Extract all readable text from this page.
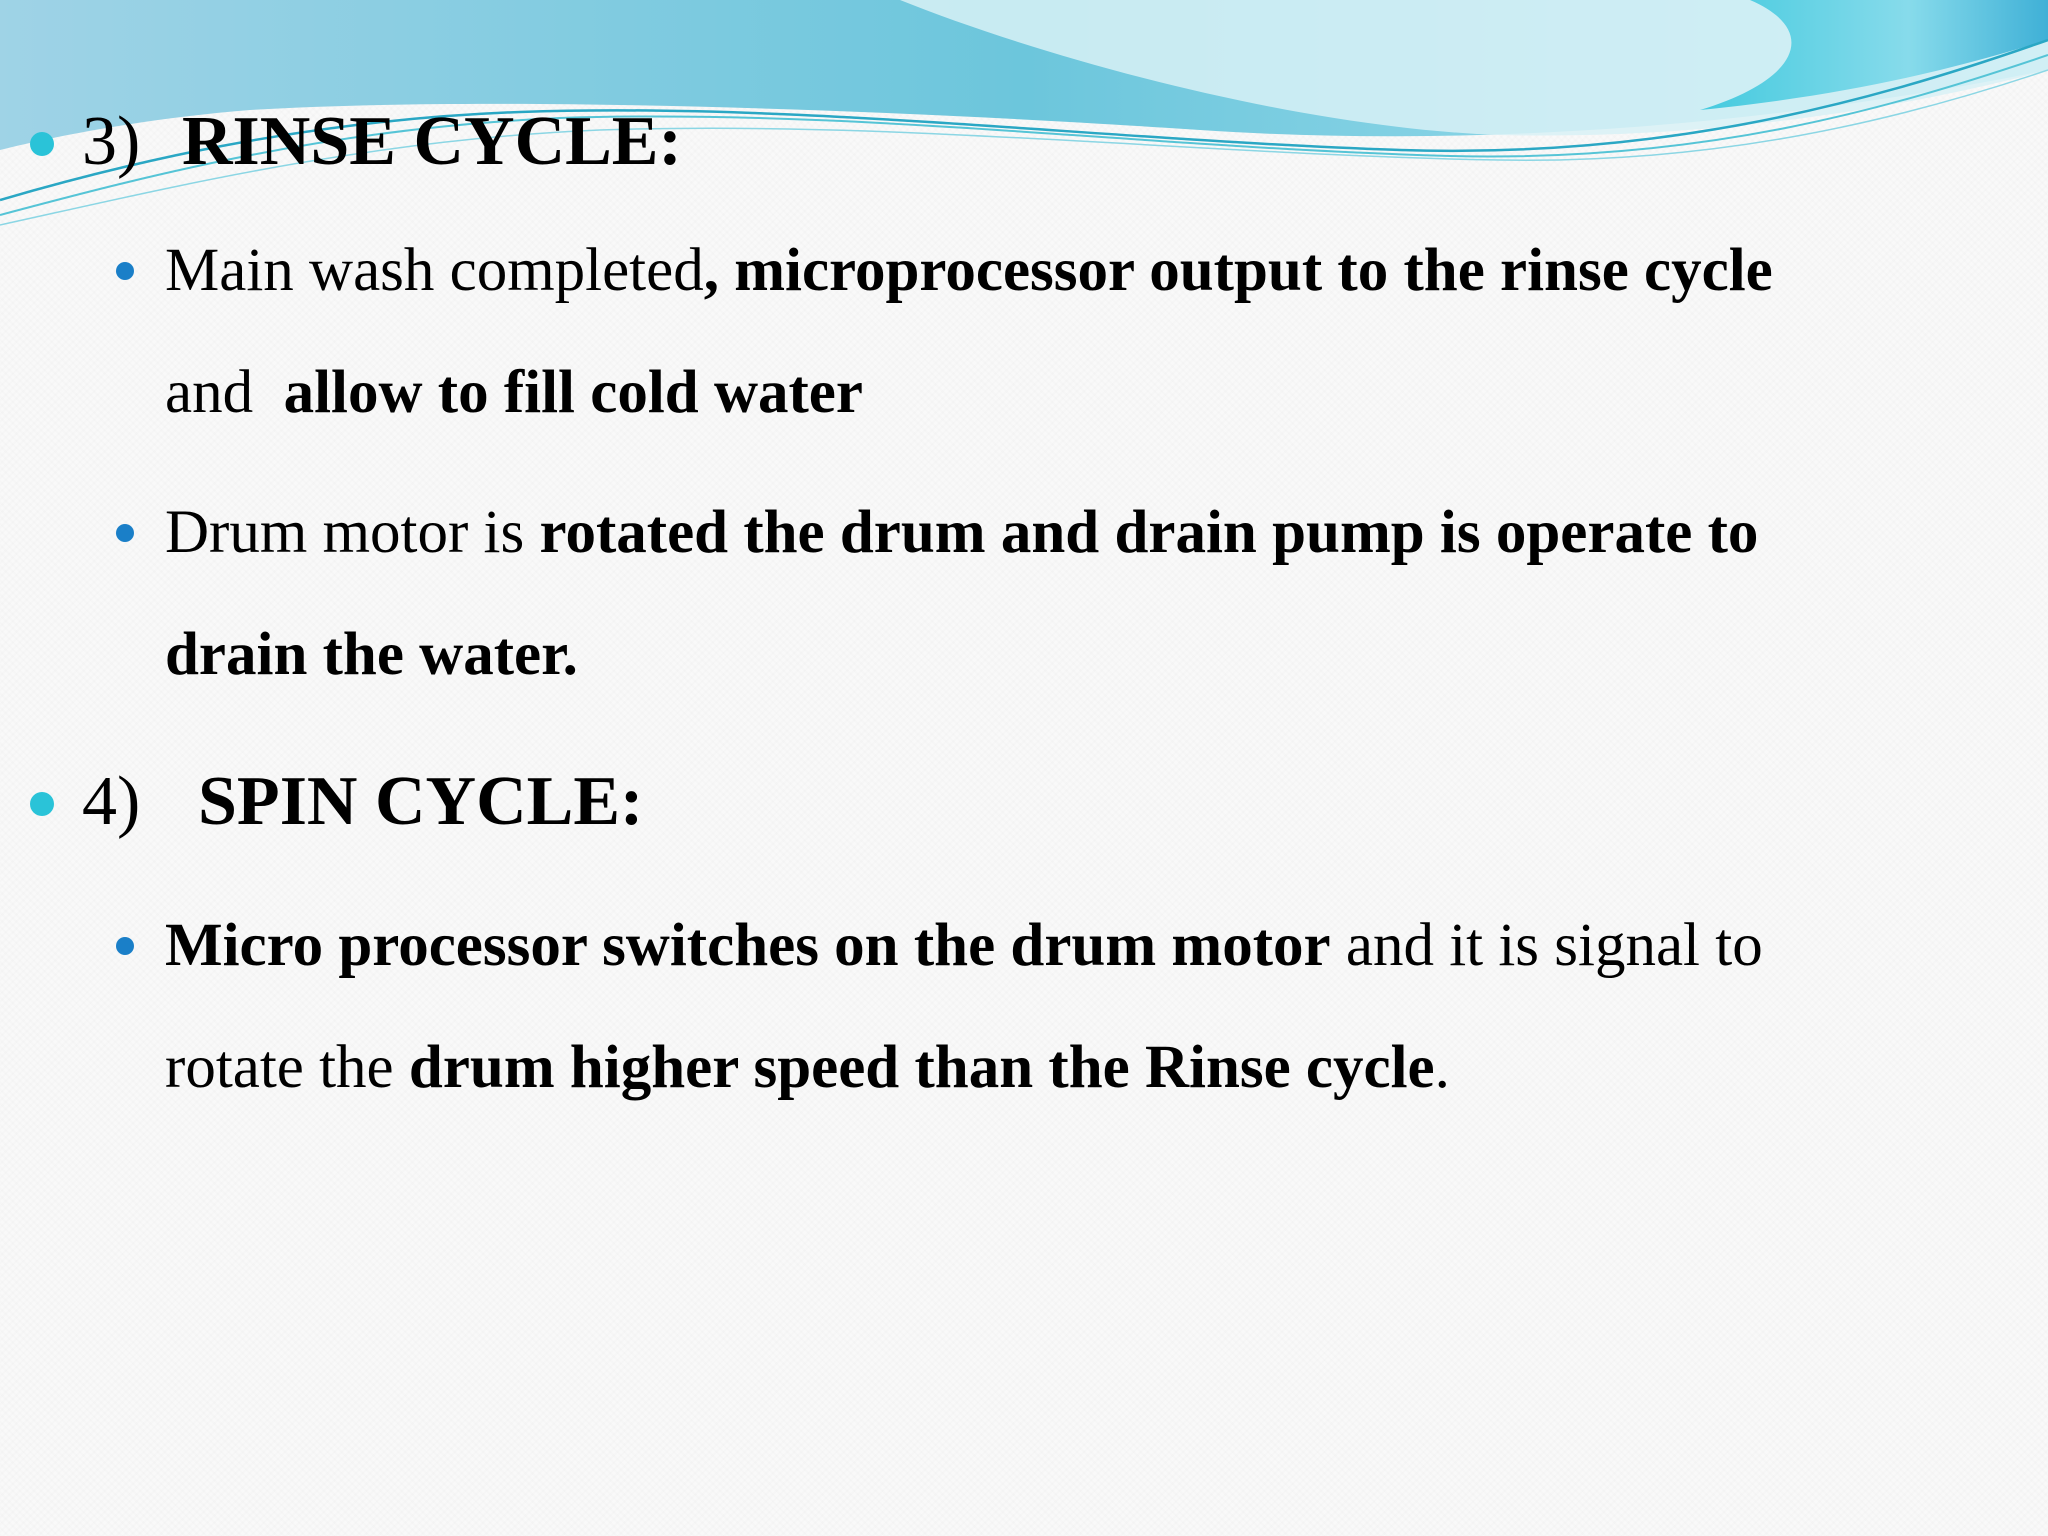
3) RINSE CYCLE:
Main wash completed, microprocessor output to the rinse cycle
and  allow to fill cold water
Drum motor is rotated the drum and drain pump is operate to
drain the water.
4) SPIN CYCLE:
Micro processor switches on the drum motor and it is signal to
rotate the drum higher speed than the Rinse cycle.
